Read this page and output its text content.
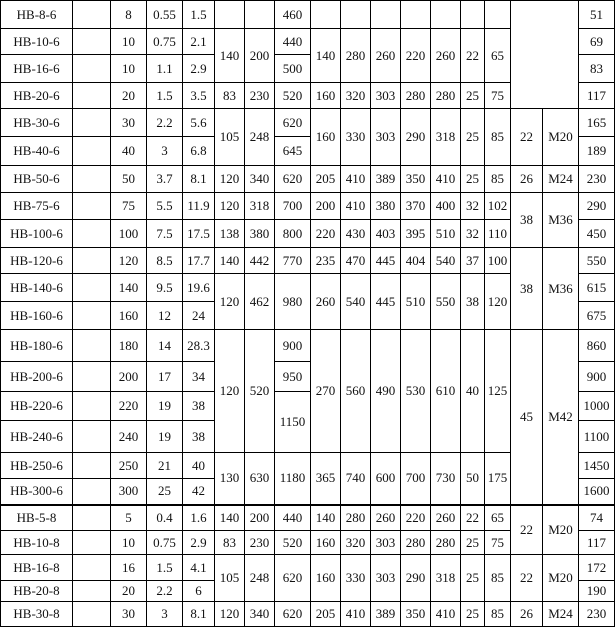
HB-8-6		8	0.55	1.5			460										51
HB-10-6		10	0.75	2.1	140	200	440	140	280	260	220	260	22	65			69
HB-16-6		10	1.1	2.9			500										83
HB-20-6		20	1.5	3.5	83	230	520	160	320	303	280	280	25	75			117
HB-30-6		30	2.2	5.6	105	248	620	160	330	303	290	318	25	85	22	M20	165
HB-40-6		40	3	6.8			645										189
HB-50-6		50	3.7	8.1	120	340	620	205	410	389	350	410	25	85	26	M24	230
HB-75-6		75	5.5	11.9	120	318	700	200	410	380	370	400	32	102	38	M36	290
HB-100-6		100	7.5	17.5	138	380	800	220	430	403	395	510	32	110			450
HB-120-6		120	8.5	17.7	140	442	770	235	470	445	404	540	37	100	38	M36	550
HB-140-6		140	9.5	19.6	120	462	980	260	540	445	510	550	38	120			615
HB-160-6		160	12	24													675
HB-180-6		180	14	28.3	120	520	900	270	560	490	530	610	40	125	45	M42	860
HB-200-6		200	17	34			950										900
HB-220-6		220	19	38			1150										1000
HB-240-6		240	19	38													1100
HB-250-6		250	21	40	130	630	1180	365	740	600	700	730	50	175			1450
HB-300-6		300	25	42													1600
HB-5-8		5	0.4	1.6	140	200	440	140	280	260	220	260	22	65	22	M20	74
HB-10-8		10	0.75	2.9	83	230	520	160	320	303	280	280	25	75			117
HB-16-8		16	1.5	4.1	105	248	620	160	330	303	290	318	25	85	22	M20	172
HB-20-8		20	2.2	6													190
HB-30-8		30	3	8.1	120	340	620	205	410	389	350	410	25	85	26	M24	230
